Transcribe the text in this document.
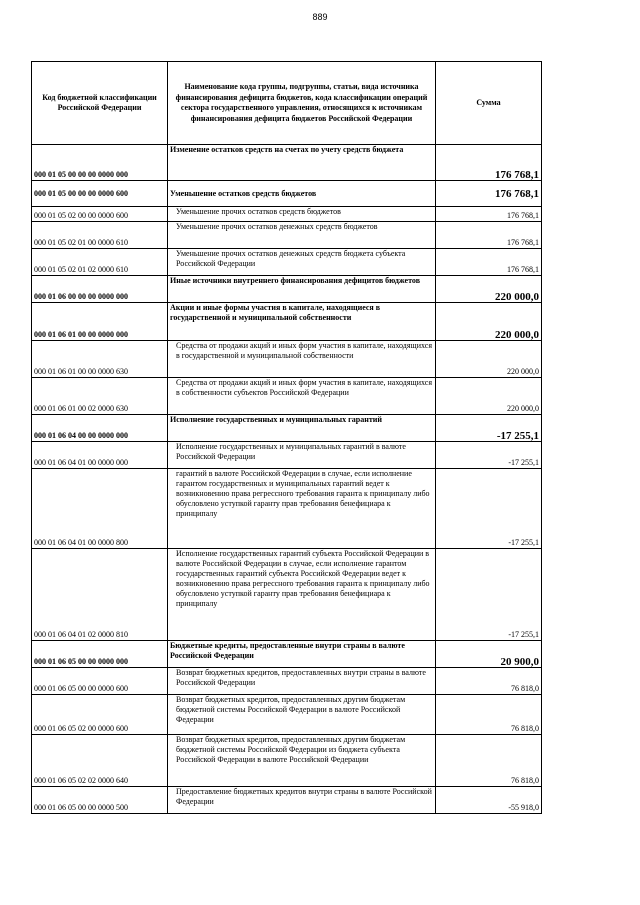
889
Код бюджетной классификации Российской Федерации	Наименование кода группы, подгруппы, статьи, вида источника финансирования дефицита бюджетов, кода классификации операций сектора государственного управления, относящихся к источникам финансирования дефицита бюджетов Российской Федерации	Сумма
000 01 05 00 00 00 0000 000	Изменение остатков средств на счетах по учету средств бюджета	176 768,1
000 01 05 00 00 00 0000 600	Уменьшение остатков средств бюджетов	176 768,1
000 01 05 02 00 00 0000 600	Уменьшение прочих остатков средств бюджетов	176 768,1
000 01 05 02 01 00 0000 610	Уменьшение прочих остатков денежных средств бюджетов	176 768,1
000 01 05 02 01 02 0000 610	Уменьшение прочих остатков денежных средств бюджета субъекта Российской Федерации	176 768,1
000 01 06 00 00 00 0000 000	Иные источники внутреннего финансирования дефицитов бюджетов	220 000,0
000 01 06 01 00 00 0000 000	Акции и иные формы участия в капитале, находящиеся в государственной и муниципальной собственности	220 000,0
000 01 06 01 00 00 0000 630	Средства от продажи акций и иных форм участия в капитале, находящихся в государственной и муниципальной собственности	220 000,0
000 01 06 01 00 02 0000 630	Средства от продажи акций и иных форм участия в капитале, находящихся в собственности субъектов Российской Федерации	220 000,0
000 01 06 04 00 00 0000 000	Исполнение государственных и муниципальных гарантий	-17 255,1
000 01 06 04 01 00 0000 000	Исполнение государственных и муниципальных гарантий в валюте Российской Федерации	-17 255,1
000 01 06 04 01 00 0000 800	гарантий в валюте Российской Федерации в случае, если исполнение гарантом государственных и муниципальных гарантий ведет к возникновению права регрессного требования гаранта к принципалу либо обусловлено уступкой гаранту прав требования бенефициара к принципалу	-17 255,1
000 01 06 04 01 02 0000 810	Исполнение государственных гарантий субъекта Российской Федерации в валюте Российской Федерации в случае, если исполнение гарантом государственных гарантий субъекта Российской Федерации ведет к возникновению права регрессного требования гаранта к принципалу либо обусловлено уступкой гаранту прав требования бенефициара к принципалу	-17 255,1
000 01 06 05 00 00 0000 000	Бюджетные кредиты, предоставленные внутри страны в валюте Российской Федерации	20 900,0
000 01 06 05 00 00 0000 600	Возврат бюджетных кредитов, предоставленных внутри страны в валюте Российской Федерации	76 818,0
000 01 06 05 02 00 0000 600	Возврат бюджетных кредитов, предоставленных другим бюджетам бюджетной системы Российской Федерации в валюте Российской Федерации	76 818,0
000 01 06 05 02 02 0000 640	Возврат бюджетных кредитов, предоставленных другим бюджетам бюджетной системы Российской Федерации из бюджета субъекта Российской Федерации в валюте Российской Федерации	76 818,0
000 01 06 05 00 00 0000 500	Предоставление бюджетных кредитов внутри страны в валюте Российской Федерации	-55 918,0
